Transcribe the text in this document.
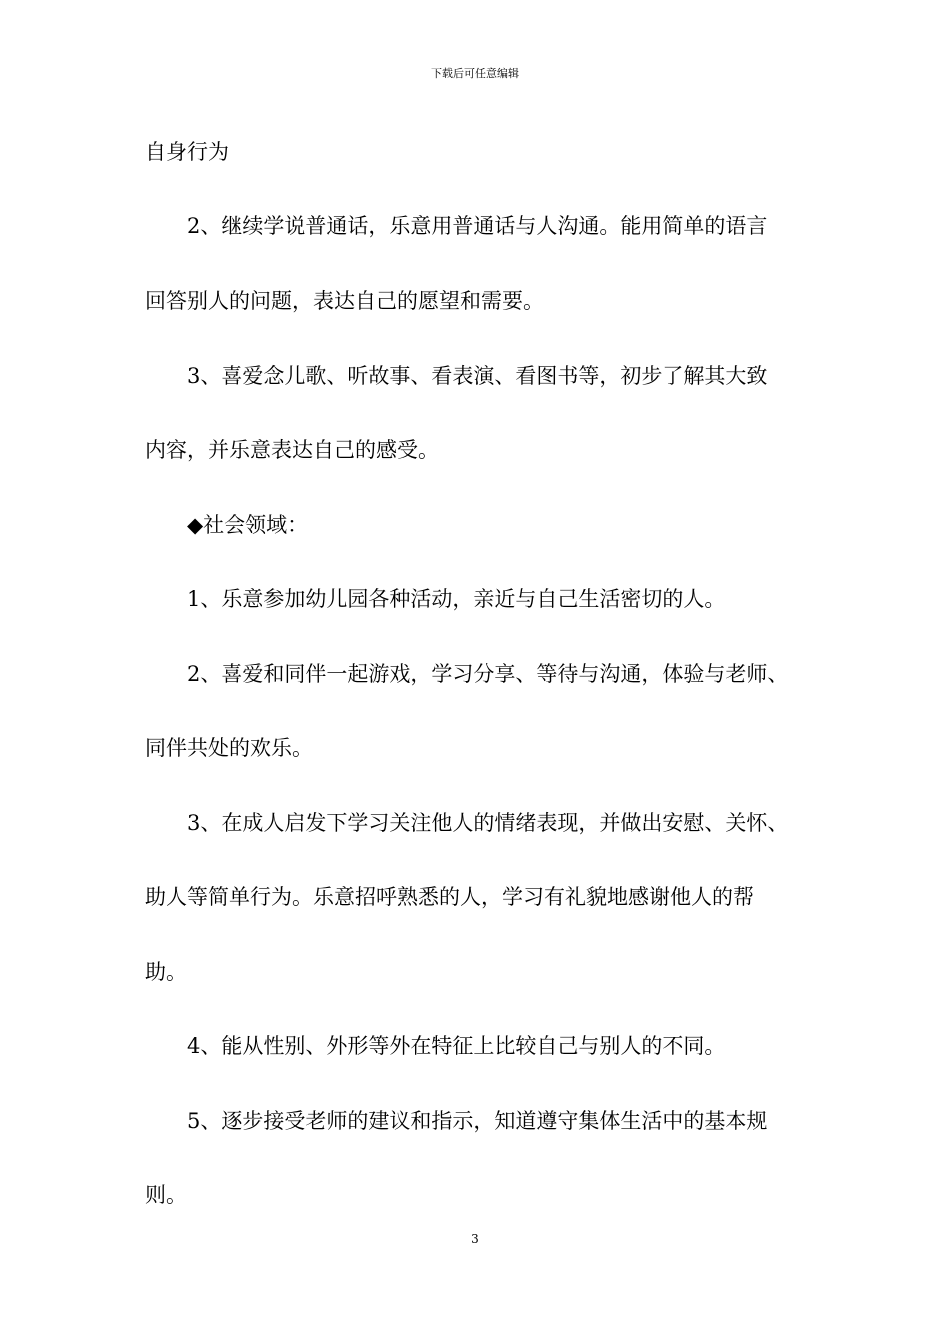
下载后可任意编辑
自身行为
2、继续学说普通话，乐意用普通话与人沟通。能用简单的语言
回答别人的问题，表达自己的愿望和需要。
3、喜爱念儿歌、听故事、看表演、看图书等，初步了解其大致
内容，并乐意表达自己的感受。
◆社会领域：
1、乐意参加幼儿园各种活动，亲近与自己生活密切的人。
2、喜爱和同伴一起游戏，学习分享、等待与沟通，体验与老师、
同伴共处的欢乐。
3、在成人启发下学习关注他人的情绪表现，并做出安慰、关怀、
助人等简单行为。乐意招呼熟悉的人，学习有礼貌地感谢他人的帮
助。
4、能从性别、外形等外在特征上比较自己与别人的不同。
5、逐步接受老师的建议和指示，知道遵守集体生活中的基本规
则。
3
